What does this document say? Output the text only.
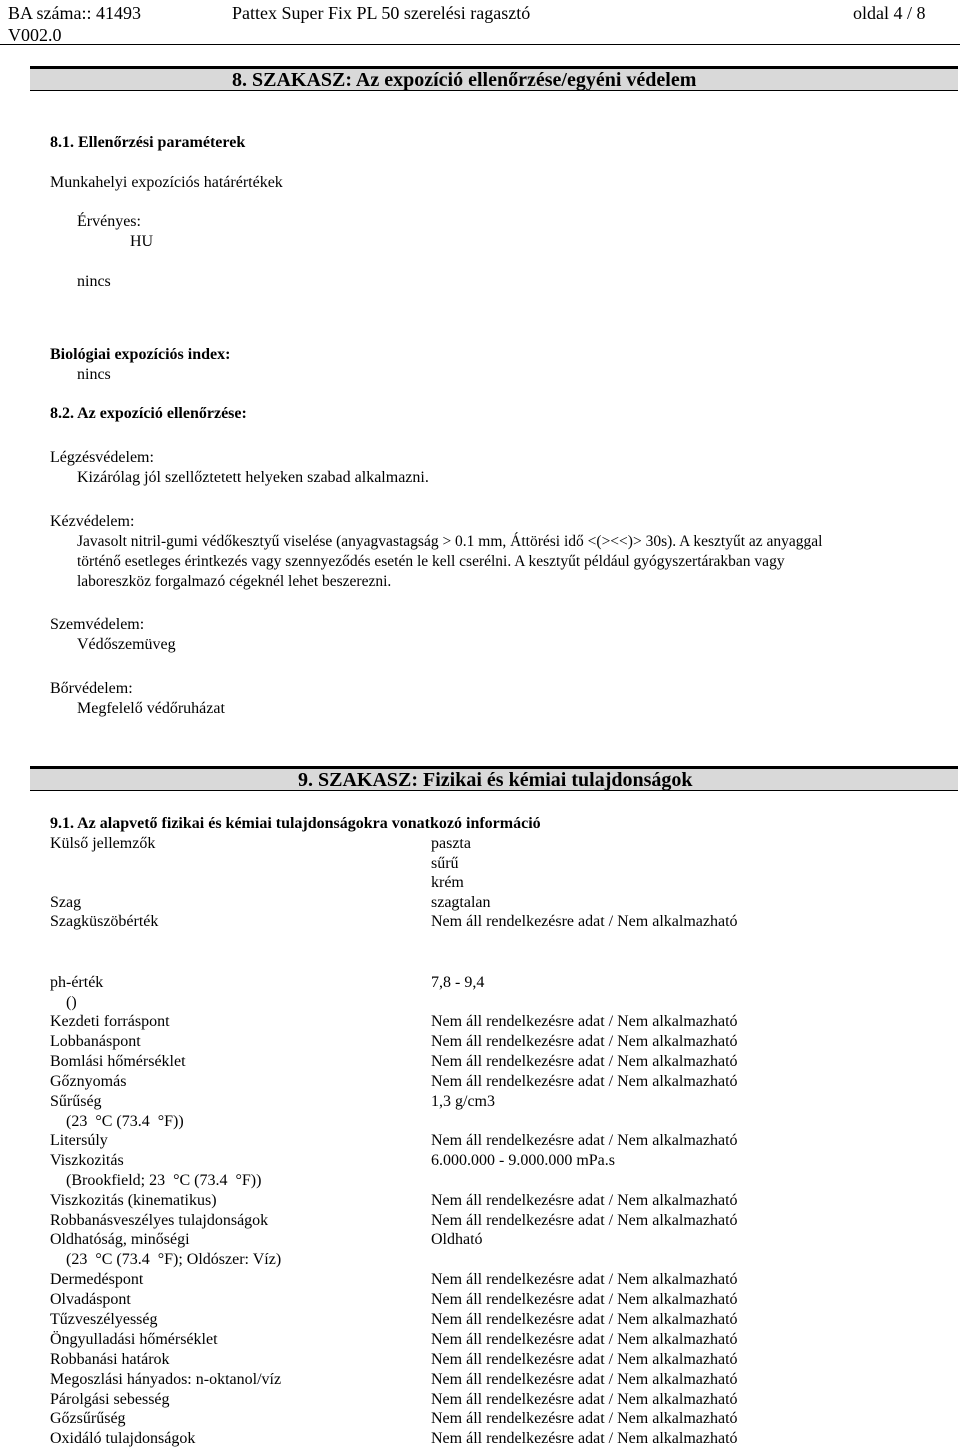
BA száma:: 41493
V002.0
Pattex Super Fix PL 50 szerelési ragasztó	oldal 4 / 8
8. SZAKASZ: Az expozíció ellenőrzése/egyéni védelem
8.1. Ellenőrzési paraméterek
Munkahelyi expozíciós határértékek
Érvényes:
HU
nincs
Biológiai expozíciós index:
nincs
8.2. Az expozíció ellenőrzése:
Légzésvédelem:
Kizárólag jól szellőztetett helyeken szabad alkalmazni.
Kézvédelem:
Javasolt nitril-gumi védőkesztyű viselése (anyagvastagság > 0.1 mm, Áttörési idő <(><<)> 30s). A kesztyűt az anyaggal
történő esetleges érintkezés vagy szennyeződés esetén le kell cserélni. A kesztyűt például gyógyszertárakban vagy
laboreszköz forgalmazó cégeknél lehet beszerezni.
Szemvédelem:
Védőszemüveg
Bőrvédelem:
Megfelelő védőruházat
9. SZAKASZ: Fizikai és kémiai tulajdonságok
9.1. Az alapvető fizikai és kémiai tulajdonságokra vonatkozó információ
Külső jellemzők	paszta
sűrű
krém
Szag	szagtalan
Szagküszöbérték	Nem áll rendelkezésre adat / Nem alkalmazható
ph-érték	7,8 - 9,4
()
Kezdeti forráspont	Nem áll rendelkezésre adat / Nem alkalmazható
Lobbanáspont	Nem áll rendelkezésre adat / Nem alkalmazható
Bomlási hőmérséklet	Nem áll rendelkezésre adat / Nem alkalmazható
Gőznyomás	Nem áll rendelkezésre adat / Nem alkalmazható
Sűrűség	1,3 g/cm3
(23  °C (73.4  °F))
Litersúly	Nem áll rendelkezésre adat / Nem alkalmazható
Viszkozitás	6.000.000 - 9.000.000 mPa.s
(Brookfield; 23  °C (73.4  °F))
Viszkozitás (kinematikus)	Nem áll rendelkezésre adat / Nem alkalmazható
Robbanásveszélyes tulajdonságok	Nem áll rendelkezésre adat / Nem alkalmazható
Oldhatóság, minőségi	Oldható
(23  °C (73.4  °F); Oldószer: Víz)
Dermedéspont	Nem áll rendelkezésre adat / Nem alkalmazható
Olvadáspont	Nem áll rendelkezésre adat / Nem alkalmazható
Tűzveszélyesség	Nem áll rendelkezésre adat / Nem alkalmazható
Öngyulladási hőmérséklet	Nem áll rendelkezésre adat / Nem alkalmazható
Robbanási határok	Nem áll rendelkezésre adat / Nem alkalmazható
Megoszlási hányados: n-oktanol/víz	Nem áll rendelkezésre adat / Nem alkalmazható
Párolgási sebesség	Nem áll rendelkezésre adat / Nem alkalmazható
Gőzsűrűség	Nem áll rendelkezésre adat / Nem alkalmazható
Oxidáló tulajdonságok	Nem áll rendelkezésre adat / Nem alkalmazható
